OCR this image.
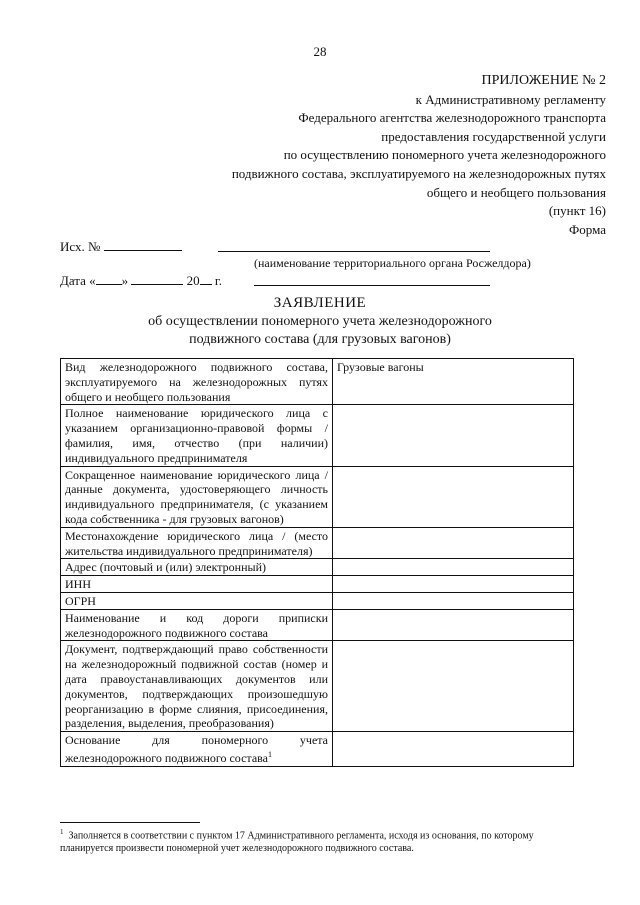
28
ПРИЛОЖЕНИЕ № 2
к Административному регламенту
Федерального агентства железнодорожного транспорта
предоставления государственной услуги
по осуществлению пономерного учета железнодорожного
подвижного состава, эксплуатируемого на железнодорожных путях
общего и необщего пользования
(пункт 16)
Форма
Исх. №
(наименование территориального органа Росжелдора)
Дата « »	20 г.
ЗАЯВЛЕНИЕ
об осуществлении пономерного учета железнодорожного
подвижного состава (для грузовых вагонов)
Вид железнодорожного подвижного состава, эксплуатируемого на железнодорожных путях общего и необщего пользования	Грузовые вагоны
Полное наименование юридического лица с указанием организационно-правовой формы / фамилия, имя, отчество (при наличии) индивидуального предпринимателя	
Сокращенное наименование юридического лица /данные документа, удостоверяющего личность индивидуального предпринимателя, (с указанием кода собственника - для грузовых вагонов)	
Местонахождение юридического лица / (место жительства индивидуального предпринимателя)	
Адрес (почтовый и (или) электронный)	
ИНН	
ОГРН	
Наименование и код дороги приписки железнодорожного подвижного состава	
Документ, подтверждающий право собственности на железнодорожный подвижной состав (номер и дата правоустанавливающих документов или документов, подтверждающих произошедшую реорганизацию в форме слияния, присоединения, разделения, выделения, преобразования)	
Основание для пономерного учета железнодорожного подвижного состава$^1$	
$^1$ Заполняется в соответствии с пунктом 17 Административного регламента, исходя из основания, по которому планируется произвести пономерной учет железнодорожного подвижного состава.
